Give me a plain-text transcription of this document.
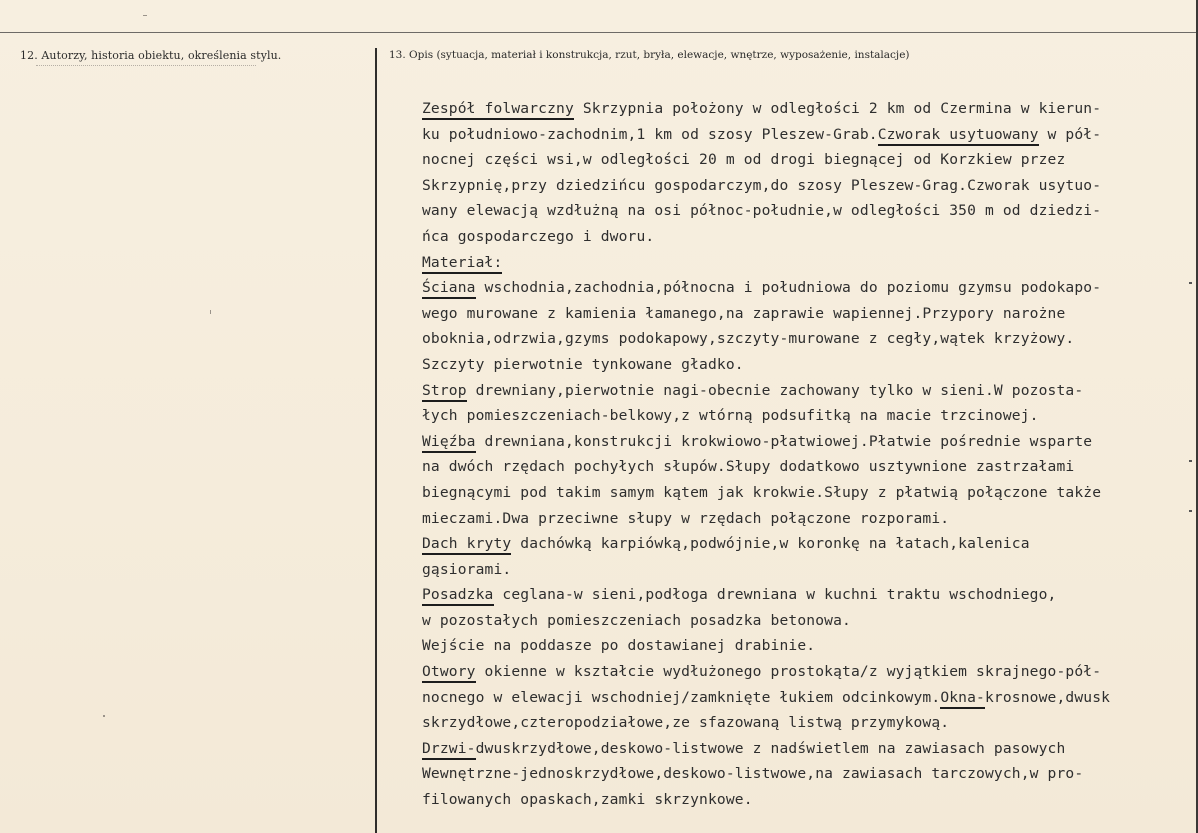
12. Autorzy, historia obiektu, określenia stylu.	13. Opis (sytuacja, materiał i konstrukcja, rzut, bryła, elewacje, wnętrze, wyposażenie, instalacje)
Zespół folwarczny Skrzypnia położony w odległości 2 km od Czermina w kierun-
ku południowo-zachodnim,1 km od szosy Pleszew-Grab.Czworak usytuowany w pół-
nocnej części wsi,w odległości 20 m od drogi biegnącej od Korzkiew przez
Skrzypnię,przy dziedzińcu gospodarczym,do szosy Pleszew-Grag.Czworak usytuo-
wany elewacją wzdłużną na osi północ-południe,w odległości 350 m od dziedzi-
ńca gospodarczego i dworu.
Materiał:
Ściana wschodnia,zachodnia,północna i południowa do poziomu gzymsu podokapo-
wego murowane z kamienia łamanego,na zaprawie wapiennej.Przypory narożne
oboknia,odrzwia,gzyms podokapowy,szczyty-murowane z cegły,wątek krzyżowy.
Szczyty pierwotnie tynkowane gładko.
Strop drewniany,pierwotnie nagi-obecnie zachowany tylko w sieni.W pozosta-
łych pomieszczeniach-belkowy,z wtórną podsufitką na macie trzcinowej.
Więźba drewniana,konstrukcji krokwiowo-płatwiowej.Płatwie pośrednie wsparte
na dwóch rzędach pochyłych słupów.Słupy dodatkowo usztywnione zastrzałami
biegnącymi pod takim samym kątem jak krokwie.Słupy z płatwią połączone także
mieczami.Dwa przeciwne słupy w rzędach połączone rozporami.
Dach kryty dachówką karpiówką,podwójnie,w koronkę na łatach,kalenica
gąsiorami.
Posadzka ceglana-w sieni,podłoga drewniana w kuchni traktu wschodniego,
w pozostałych pomieszczeniach posadzka betonowa.
Wejście na poddasze po dostawianej drabinie.
Otwory okienne w kształcie wydłużonego prostokąta/z wyjątkiem skrajnego-pół-
nocnego w elewacji wschodniej/zamknięte łukiem odcinkowym.Okna-krosnowe,dwusk
skrzydłowe,czteropodziałowe,ze sfazowaną listwą przymykową.
Drzwi-dwuskrzydłowe,deskowo-listwowe z nadświetlem na zawiasach pasowych
Wewnętrzne-jednoskrzydłowe,deskowo-listwowe,na zawiasach tarczowych,w pro-
filowanych opaskach,zamki skrzynkowe.
